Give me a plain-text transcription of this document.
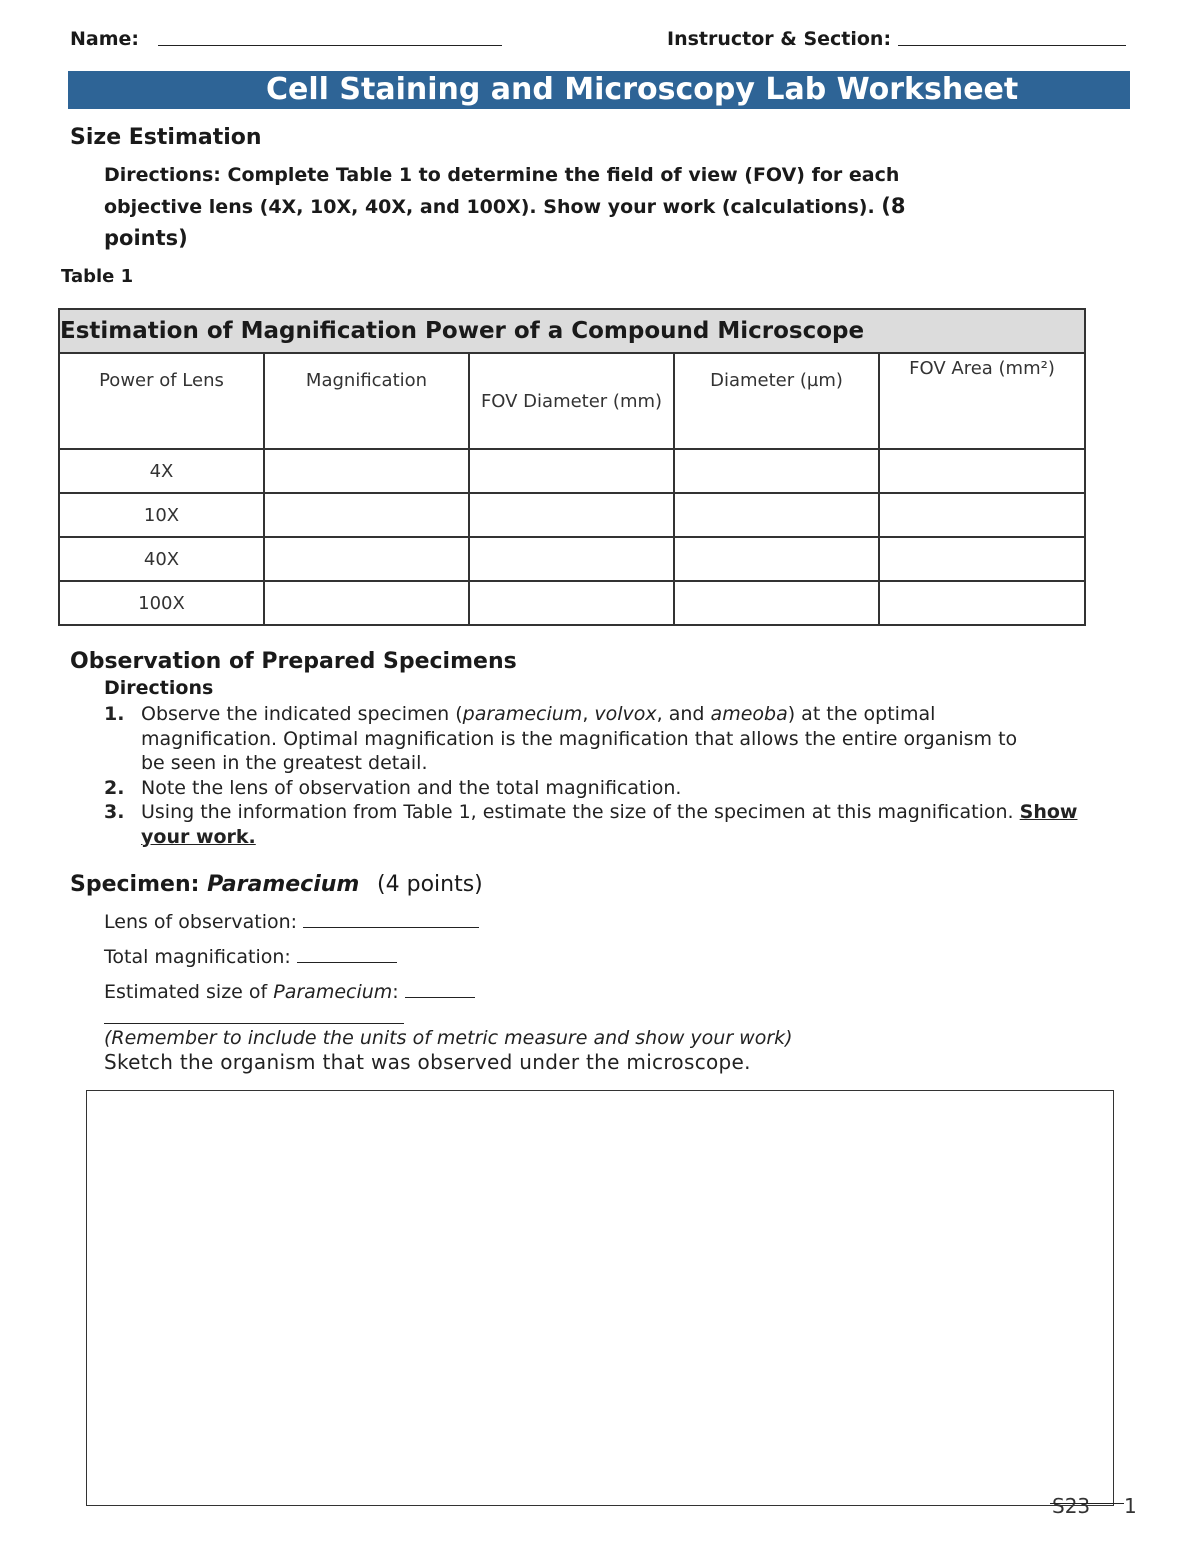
Name:	Instructor & Section:
Cell Staining and Microscopy Lab Worksheet
Size Estimation
Directions: Complete Table 1 to determine the field of view (FOV) for each objective lens (4X, 10X, 40X, and 100X). Show your work (calculations). (8 points)
Table 1
Estimation of Magnification Power of a Compound Microscope				
Power of Lens	Magnification	FOV Diameter (mm)	Diameter (µm)	FOV Area (mm²)
4X				
10X				
40X				
100X				
Observation of Prepared Specimens
Directions
1. Observe the indicated specimen (paramecium, volvox, and ameoba) at the optimal magnification. Optimal magnification is the magnification that allows the entire organism to be seen in the greatest detail.
2. Note the lens of observation and the total magnification.
3. Using the information from Table 1, estimate the size of the specimen at this magnification. Show your work.
Specimen: Paramecium (4 points)
Lens of observation:
Total magnification:
Estimated size of Paramecium:
(Remember to include the units of metric measure and show your work)
Sketch the organism that was observed under the microscope.
S23 1
